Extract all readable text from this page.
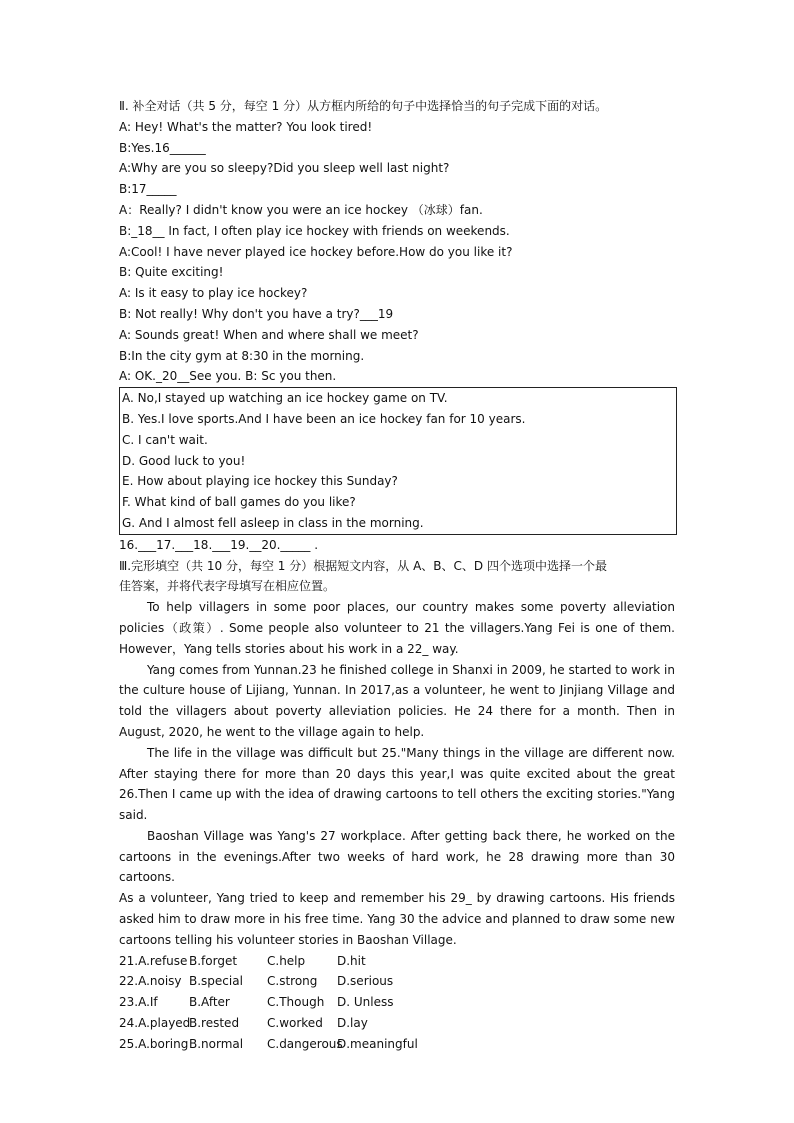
Ⅱ. 补全对话（共 5 分，每空 1 分）从方框内所给的句子中选择恰当的句子完成下面的对话。
A: Hey! What's the matter? You look tired!
B:Yes.16______
A:Why are you so sleepy?Did you sleep well last night?
B:17_____
A：Really? I didn't know you were an ice hockey （冰球）fan.
B:_18__ In fact, I often play ice hockey with friends on weekends.
A:Cool! I have never played ice hockey before.How do you like it?
B: Quite exciting!
A: Is it easy to play ice hockey?
B: Not really! Why don't you have a try?___19
A: Sounds great! When and where shall we meet?
B:In the city gym at 8:30 in the morning.
A: OK._20__See you. B: Sc you then.
A. No,I stayed up watching an ice hockey game on TV.
B. Yes.I love sports.And I have been an ice hockey fan for 10 years.
C. I can't wait.
D. Good luck to you!
E. How about playing ice hockey this Sunday?
F. What kind of ball games do you like?
G. And I almost fell asleep in class in the morning.
16.___17.___18.___19.__20._____ .
Ⅲ.完形填空（共 10 分，每空 1 分）根据短文内容，从 A、B、C、D 四个选项中选择一个最
佳答案，并将代表字母填写在相应位置。
To help villagers in some poor places, our country makes some poverty alleviation policies（政策）. Some people also volunteer to 21 the villagers.Yang Fei is one of them. However，Yang tells stories about his work in a 22_ way.
Yang comes from Yunnan.23 he finished college in Shanxi in 2009, he started to work in the culture house of Lijiang, Yunnan. In 2017,as a volunteer, he went to Jinjiang Village and told the villagers about poverty alleviation policies. He 24 there for a month. Then in August, 2020, he went to the village again to help.
The life in the village was difficult but 25."Many things in the village are different now. After staying there for more than 20 days this year,I was quite excited about the great 26.Then I came up with the idea of drawing cartoons to tell others the exciting stories."Yang said.
Baoshan Village was Yang's 27 workplace. After getting back there, he worked on the cartoons in the evenings.After two weeks of hard work, he 28 drawing more than 30 cartoons.
As a volunteer, Yang tried to keep and remember his 29_ by drawing cartoons. His friends asked him to draw more in his free time. Yang 30 the advice and planned to draw some new cartoons telling his volunteer stories in Baoshan Village.
21.A.refuse B.forget C.help	D.hit
22.A.noisy B.special C.strong D.serious
23.A.If	B.After	C.Though D. Unless
24.A.playedB.rested C.worked D.lay
25.A.boringB.normal C.dangerousD.meaningful
